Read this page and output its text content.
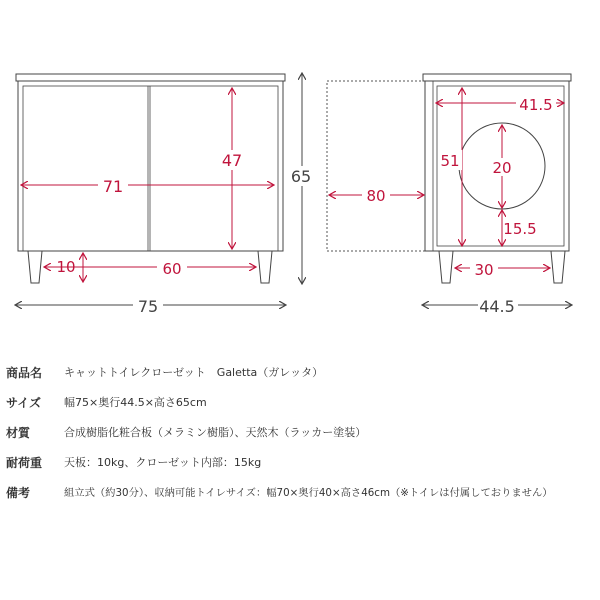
71
47
10	60
65
75
41.5
51 20
80
15.5
30
44.5
商品名 キャットトイレクローゼット　Galetta（ガレッタ）
サイズ 幅75×奥行44.5×高さ65cm
材質	合成樹脂化粧合板（メラミン樹脂）、天然木（ラッカー塗装）
耐荷重 天板：10kg、クローゼット内部：15kg
備考	組立式（約30分）、収納可能トイレサイズ：幅70×奥行40×高さ46cm（※トイレは付属しておりません）
